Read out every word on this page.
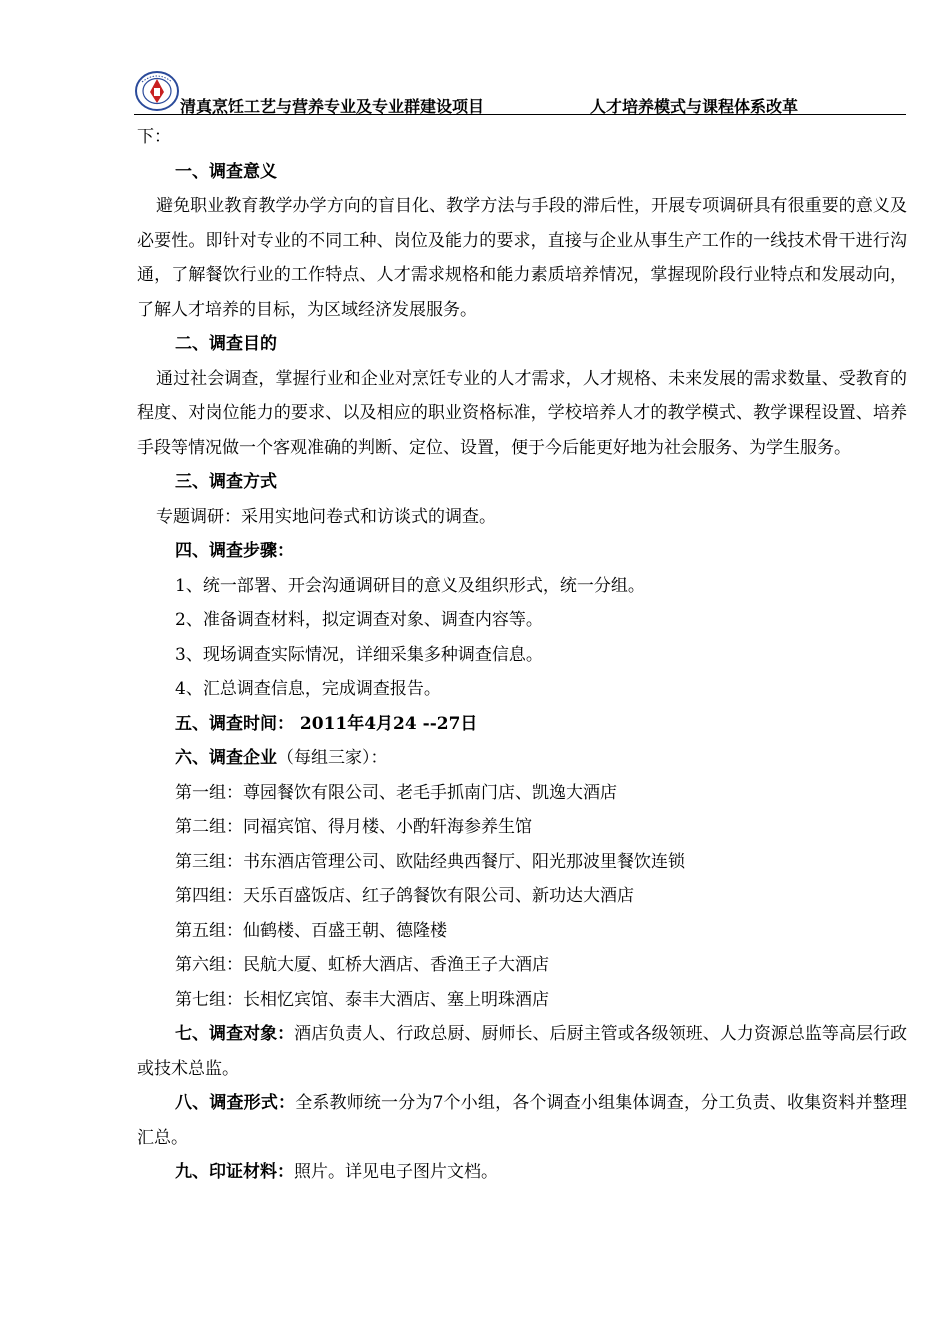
清真烹饪工艺与营养专业及专业群建设项目	人才培养模式与课程体系改革

下：

一、调查意义

避免职业教育教学办学方向的盲目化、教学方法与手段的滞后性，开展专项调研具有很重要的意义及必要性。即针对专业的不同工种、岗位及能力的要求，直接与企业从事生产工作的一线技术骨干进行沟通，了解餐饮行业的工作特点、人才需求规格和能力素质培养情况，掌握现阶段行业特点和发展动向，了解人才培养的目标，为区域经济发展服务。

二、调查目的

通过社会调查，掌握行业和企业对烹饪专业的人才需求，人才规格、未来发展的需求数量、受教育的程度、对岗位能力的要求、以及相应的职业资格标准，学校培养人才的教学模式、教学课程设置、培养手段等情况做一个客观准确的判断、定位、设置，便于今后能更好地为社会服务、为学生服务。

三、调查方式

专题调研：采用实地问卷式和访谈式的调查。

四、调查步骤：

1、统一部署、开会沟通调研目的意义及组织形式，统一分组。

2、准备调查材料，拟定调查对象、调查内容等。

3、现场调查实际情况，详细采集多种调查信息。

4、汇总调查信息，完成调查报告。

五、调查时间： 2011年4月24 --27日

六、调查企业（每组三家）：

第一组：尊园餐饮有限公司、老毛手抓南门店、凯逸大酒店

第二组：同福宾馆、得月楼、小酌轩海参养生馆

第三组：书东酒店管理公司、欧陆经典西餐厅、阳光那波里餐饮连锁

第四组：天乐百盛饭店、红子鸽餐饮有限公司、新功达大酒店

第五组：仙鹤楼、百盛王朝、德隆楼

第六组：民航大厦、虹桥大酒店、香渔王子大酒店

第七组：长相忆宾馆、泰丰大酒店、塞上明珠酒店

七、调查对象：酒店负责人、行政总厨、厨师长、后厨主管或各级领班、人力资源总监等高层行政或技术总监。

八、调查形式：全系教师统一分为7个小组，各个调查小组集体调查，分工负责、收集资料并整理汇总。

九、印证材料：照片。详见电子图片文档。
